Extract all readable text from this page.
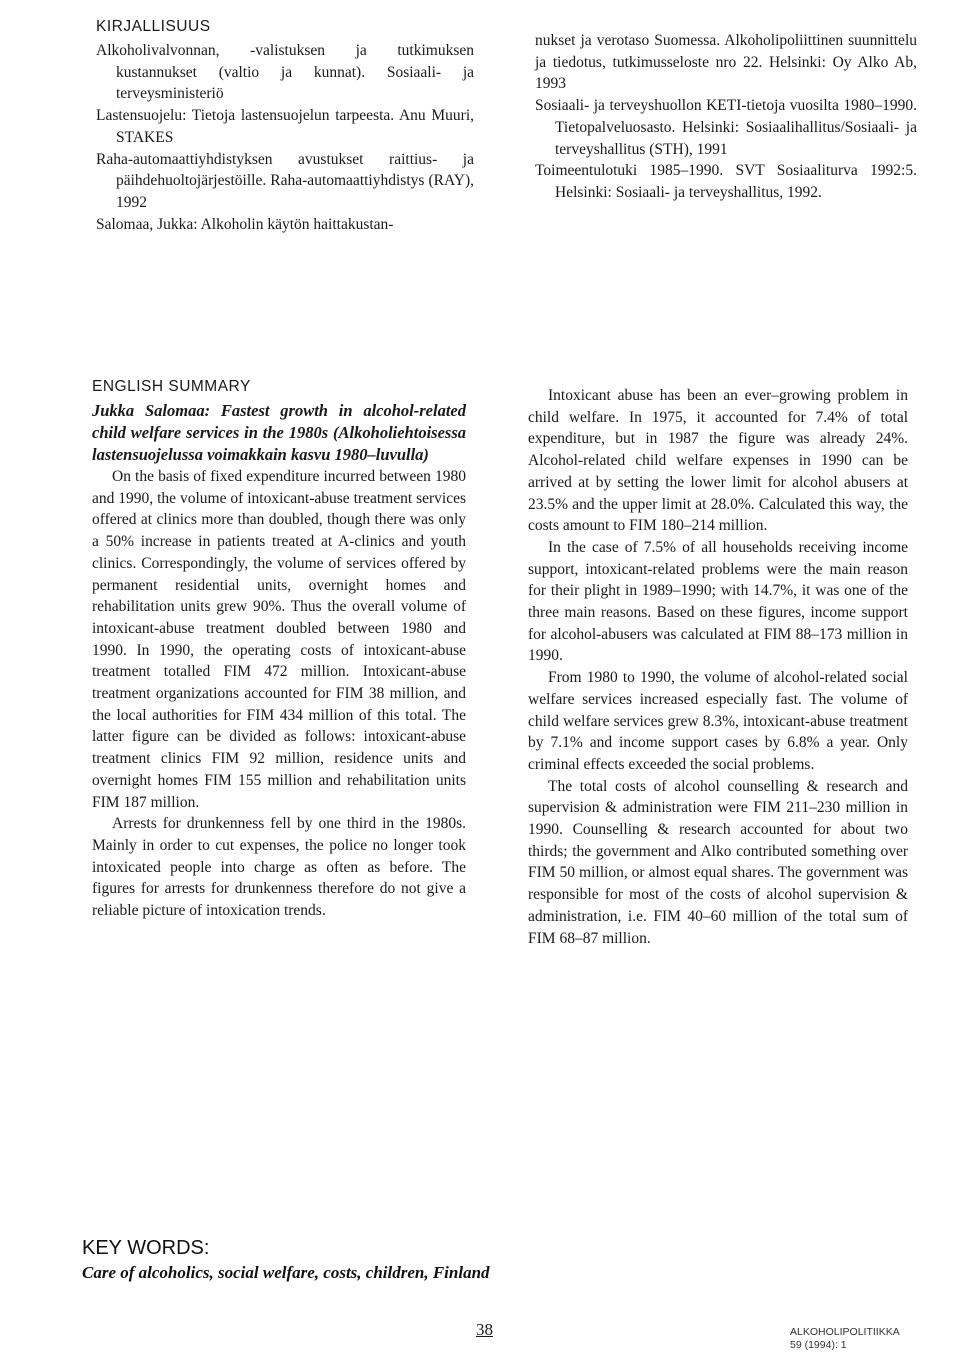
KIRJALLISUUS

Alkoholivalvonnan, -valistuksen ja tutkimuksen kustannukset (valtio ja kunnat). Sosiaali- ja terveysministeriö

Lastensuojelu: Tietoja lastensuojelun tarpeesta. Anu Muuri, STAKES

Raha-automaattiyhdistyksen avustukset raittius- ja päihdehuoltojärjestöille. Raha-automaattiyhdistys (RAY), 1992

Salomaa, Jukka: Alkoholin käytön haittakustan-

nukset ja verotaso Suomessa. Alkoholipoliittinen suunnittelu ja tiedotus, tutkimusseloste nro 22. Helsinki: Oy Alko Ab, 1993

Sosiaali- ja terveyshuollon KETI-tietoja vuosilta 1980–1990. Tietopalveluosasto. Helsinki: Sosiaalihallitus/Sosiaali- ja terveyshallitus (STH), 1991

Toimeentulotuki 1985–1990. SVT Sosiaaliturva 1992:5. Helsinki: Sosiaali- ja terveyshallitus, 1992.

ENGLISH SUMMARY

Jukka Salomaa: Fastest growth in alcohol-related child welfare services in the 1980s (Alkoholiehtoisessa lastensuojelussa voimakkain kasvu 1980–luvulla)

On the basis of fixed expenditure incurred between 1980 and 1990, the volume of intoxicant-abuse treatment services offered at clinics more than doubled, though there was only a 50% increase in patients treated at A-clinics and youth clinics. Correspondingly, the volume of services offered by permanent residential units, overnight homes and rehabilitation units grew 90%. Thus the overall volume of intoxicant-abuse treatment doubled between 1980 and 1990. In 1990, the operating costs of intoxicant-abuse treatment totalled FIM 472 million. Intoxicant-abuse treatment organizations accounted for FIM 38 million, and the local authorities for FIM 434 million of this total. The latter figure can be divided as follows: intoxicant-abuse treatment clinics FIM 92 million, residence units and overnight homes FIM 155 million and rehabilitation units FIM 187 million.

Arrests for drunkenness fell by one third in the 1980s. Mainly in order to cut expenses, the police no longer took intoxicated people into charge as often as before. The figures for arrests for drunkenness therefore do not give a reliable picture of intoxication trends.

Intoxicant abuse has been an ever–growing problem in child welfare. In 1975, it accounted for 7.4% of total expenditure, but in 1987 the figure was already 24%. Alcohol-related child welfare expenses in 1990 can be arrived at by setting the lower limit for alcohol abusers at 23.5% and the upper limit at 28.0%. Calculated this way, the costs amount to FIM 180–214 million.

In the case of 7.5% of all households receiving income support, intoxicant-related problems were the main reason for their plight in 1989–1990; with 14.7%, it was one of the three main reasons. Based on these figures, income support for alcohol-abusers was calculated at FIM 88–173 million in 1990.

From 1980 to 1990, the volume of alcohol-related social welfare services increased especially fast. The volume of child welfare services grew 8.3%, intoxicant-abuse treatment by 7.1% and income support cases by 6.8% a year. Only criminal effects exceeded the social problems.

The total costs of alcohol counselling & research and supervision & administration were FIM 211–230 million in 1990. Counselling & research accounted for about two thirds; the government and Alko contributed something over FIM 50 million, or almost equal shares. The government was responsible for most of the costs of alcohol supervision & administration, i.e. FIM 40–60 million of the total sum of FIM 68–87 million.

KEY WORDS:
Care of alcoholics, social welfare, costs, children, Finland
38	ALKOHOLIPOLITIIKKA
59 (1994): 1
